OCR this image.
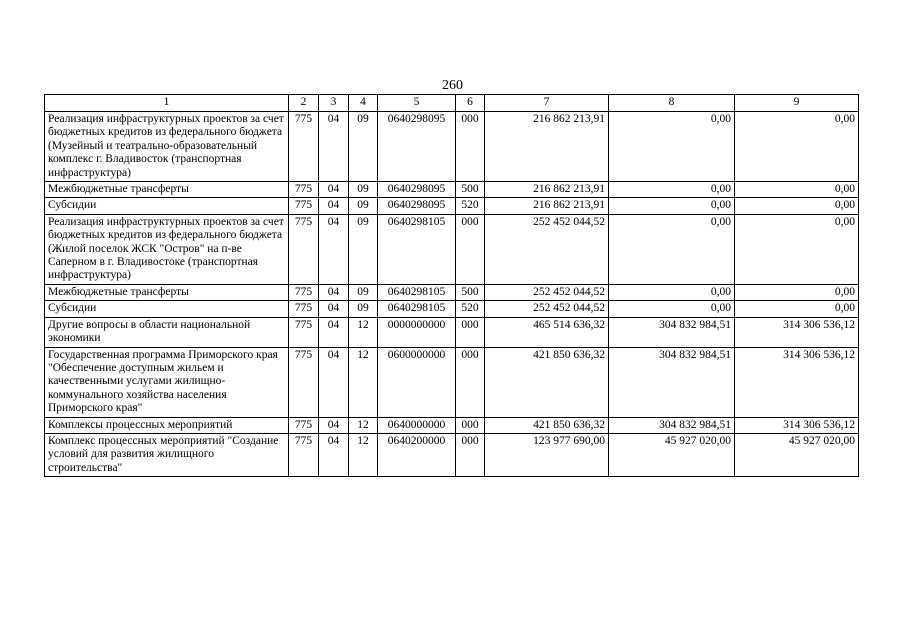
260
1	2	3	4	5	6	7	8	9
Реализация инфраструктурных проектов за счет бюджетных кредитов из федерального бюджета (Музейный и театрально-образовательный комплекс г. Владивосток (транспортная инфраструктура)	775	04	09	0640298095	000	216 862 213,91	0,00	0,00
Межбюджетные трансферты	775	04	09	0640298095	500	216 862 213,91	0,00	0,00
Субсидии	775	04	09	0640298095	520	216 862 213,91	0,00	0,00
Реализация инфраструктурных проектов за счет бюджетных кредитов из федерального бюджета (Жилой поселок ЖСК "Остров" на п-ве Саперном в г. Владивостоке (транспортная инфраструктура)	775	04	09	0640298105	000	252 452 044,52	0,00	0,00
Межбюджетные трансферты	775	04	09	0640298105	500	252 452 044,52	0,00	0,00
Субсидии	775	04	09	0640298105	520	252 452 044,52	0,00	0,00
Другие вопросы в области национальной экономики	775	04	12	0000000000	000	465 514 636,32	304 832 984,51	314 306 536,12
Государственная программа Приморского края "Обеспечение доступным жильем и качественными услугами жилищно-коммунального хозяйства населения Приморского края"	775	04	12	0600000000	000	421 850 636,32	304 832 984,51	314 306 536,12
Комплексы процессных мероприятий	775	04	12	0640000000	000	421 850 636,32	304 832 984,51	314 306 536,12
Комплекс процессных мероприятий "Создание условий для развития жилищного строительства"	775	04	12	0640200000	000	123 977 690,00	45 927 020,00	45 927 020,00
